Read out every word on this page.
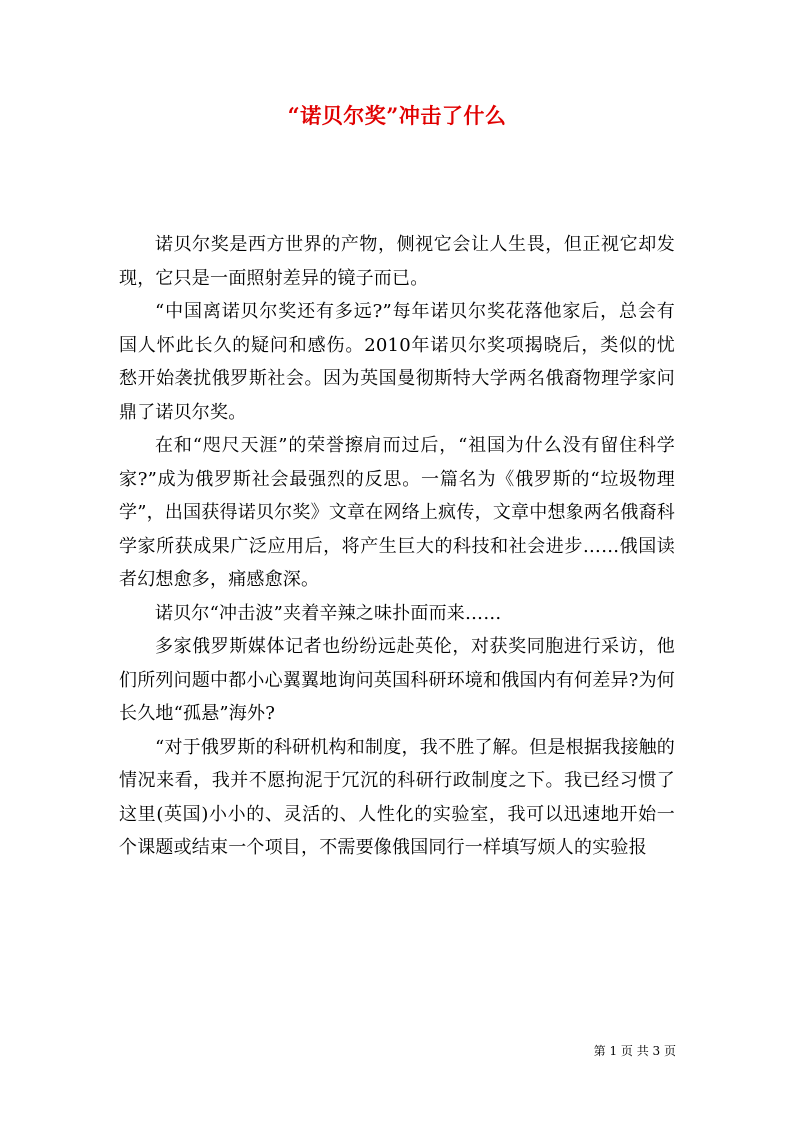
“诺贝尔奖”冲击了什么

诺贝尔奖是西方世界的产物，侧视它会让人生畏，但正视它却发现，它只是一面照射差异的镜子而已。

“中国离诺贝尔奖还有多远?”每年诺贝尔奖花落他家后，总会有国人怀此长久的疑问和感伤。2010年诺贝尔奖项揭晓后，类似的忧愁开始袭扰俄罗斯社会。因为英国曼彻斯特大学两名俄裔物理学家问鼎了诺贝尔奖。

在和“咫尺天涯”的荣誉擦肩而过后，“祖国为什么没有留住科学家?”成为俄罗斯社会最强烈的反思。一篇名为《俄罗斯的“垃圾物理学”，出国获得诺贝尔奖》文章在网络上疯传，文章中想象两名俄裔科学家所获成果广泛应用后，将产生巨大的科技和社会进步……俄国读者幻想愈多，痛感愈深。

诺贝尔“冲击波”夹着辛辣之味扑面而来……

多家俄罗斯媒体记者也纷纷远赴英伦，对获奖同胞进行采访，他们所列问题中都小心翼翼地询问英国科研环境和俄国内有何差异?为何长久地“孤悬”海外?

“对于俄罗斯的科研机构和制度，我不胜了解。但是根据我接触的情况来看，我并不愿拘泥于冗沉的科研行政制度之下。我已经习惯了这里(英国)小小的、灵活的、人性化的实验室，我可以迅速地开始一个课题或结束一个项目，不需要像俄国同行一样填写烦人的实验报

第 1 页 共 3 页
